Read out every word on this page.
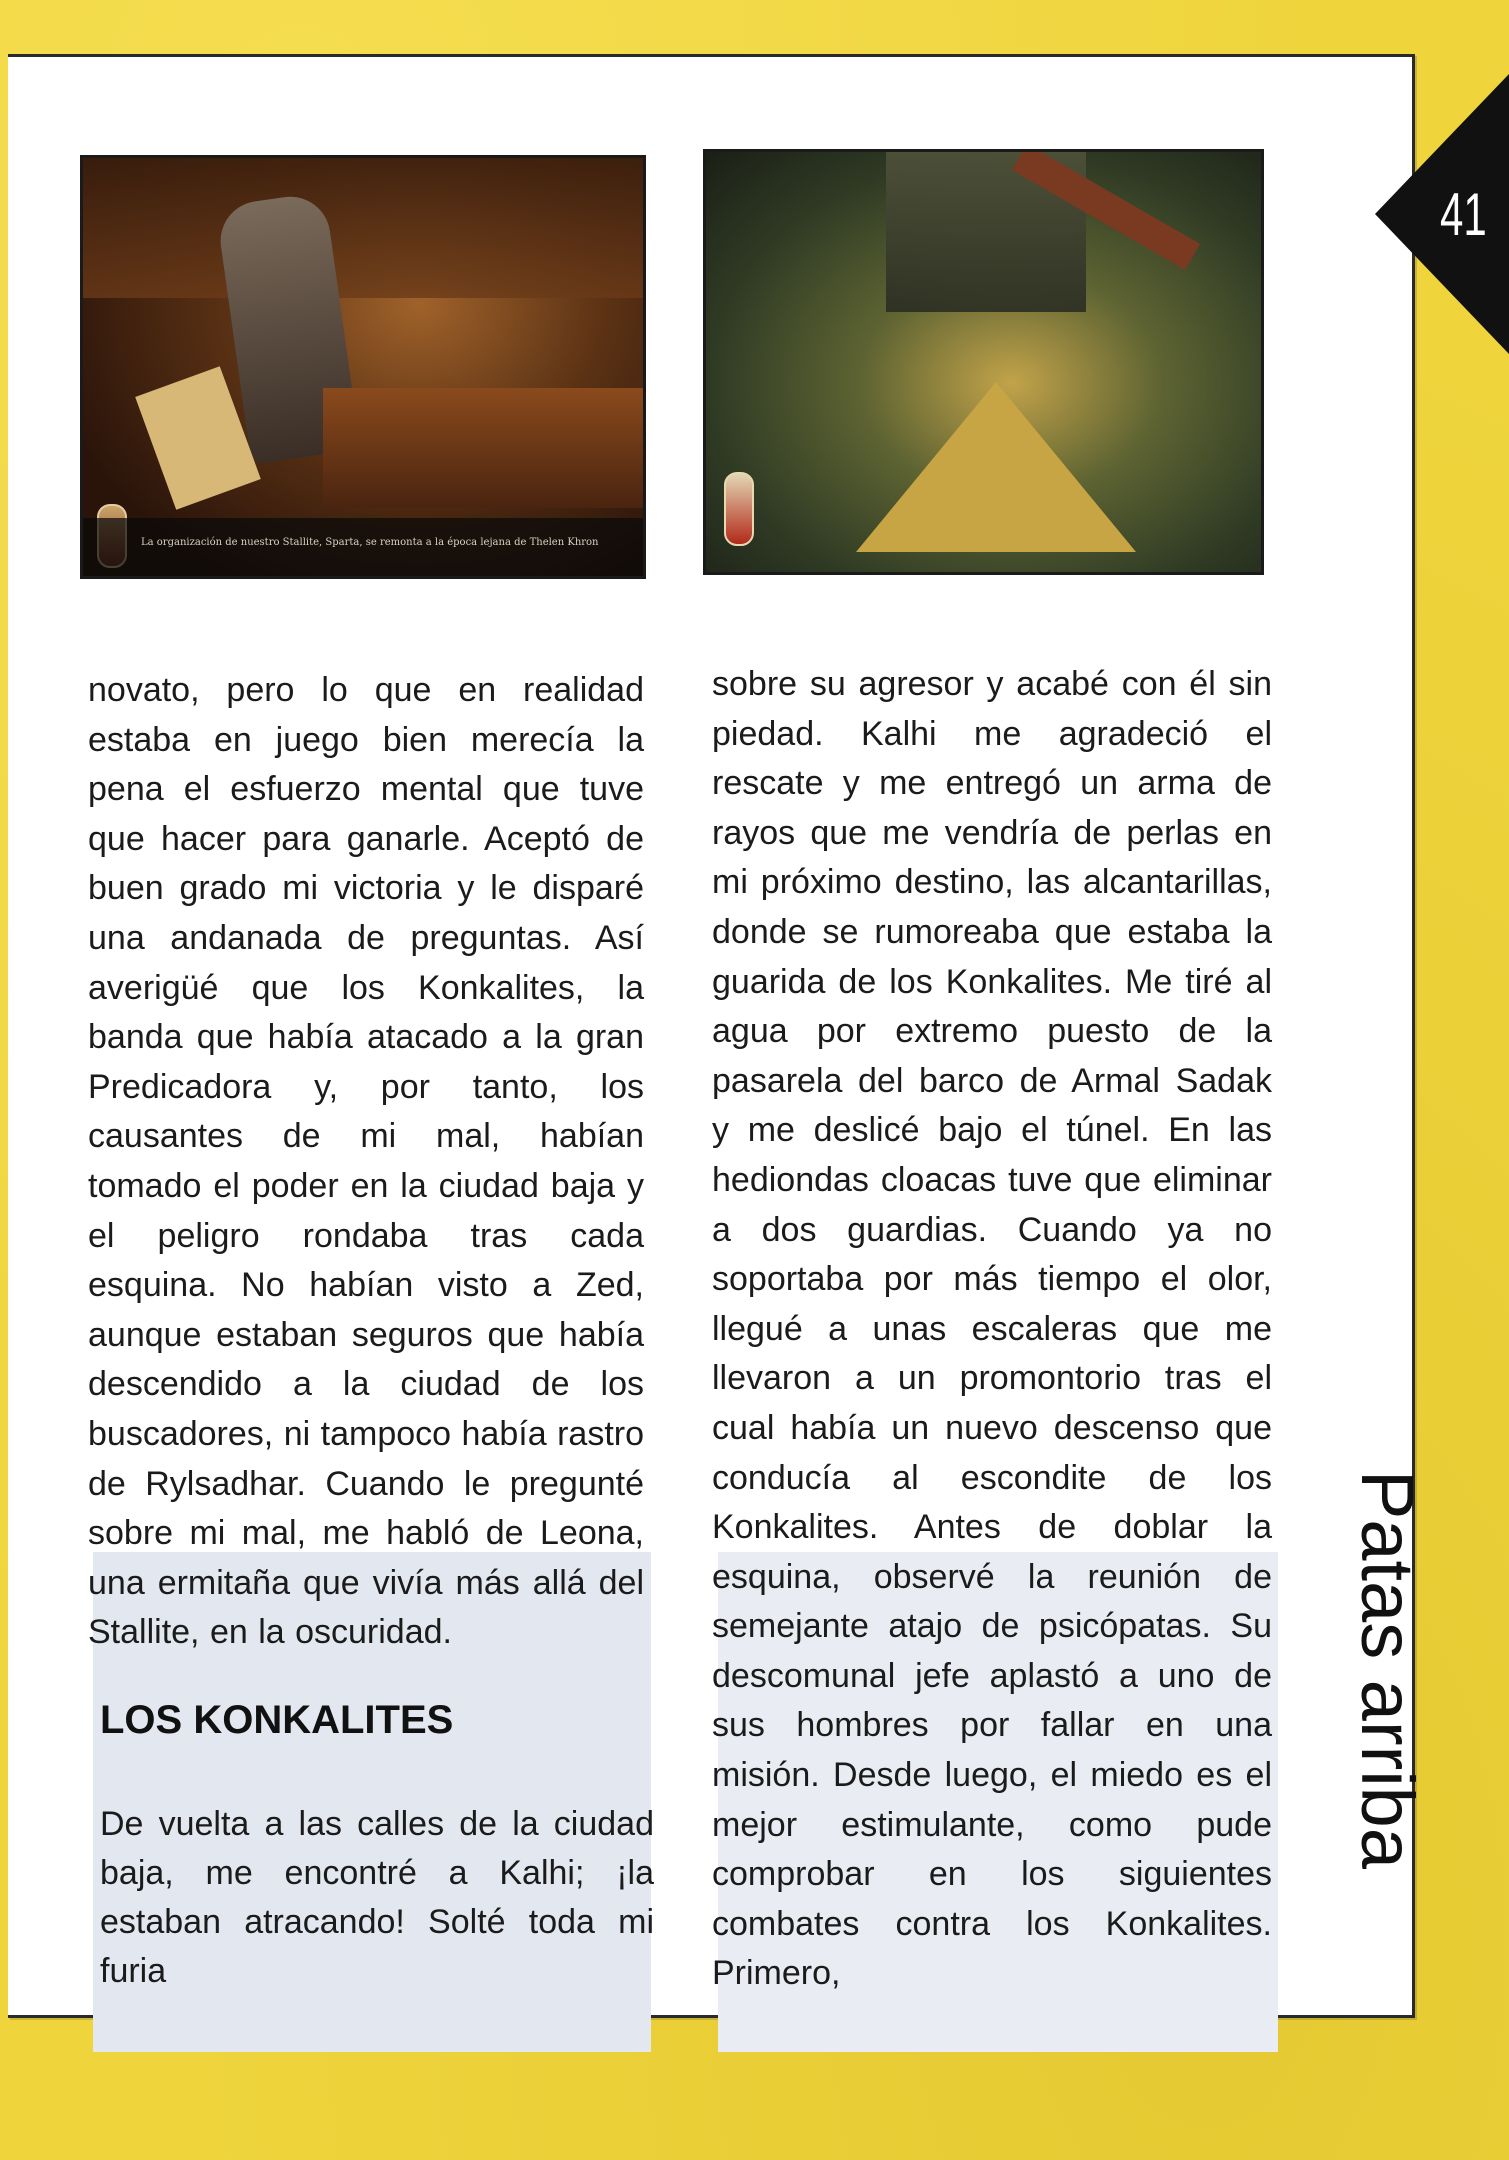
La organización de nuestro Stallite, Sparta, se remonta a la época lejana de Thelen Khron
novato, pero lo que en realidad estaba en juego bien merecía la pena el esfuerzo mental que tuve que hacer para ganarle. Aceptó de buen grado mi victoria y le disparé una andanada de preguntas. Así averigüé que los Konkalites, la banda que había atacado a la gran Predicadora y, por tanto, los causantes de mi mal, habían tomado el poder en la ciudad baja y el peligro rondaba tras cada esquina. No habían visto a Zed, aunque estaban seguros que había descendido a la ciudad de los buscadores, ni tampoco había rastro de Rylsadhar. Cuando le pregunté sobre mi mal, me habló de Leona, una ermitaña que vivía más allá del Stallite, en la oscuridad.
sobre su agresor y acabé con él sin piedad. Kalhi me agradeció el rescate y me entregó un arma de rayos que me vendría de perlas en mi próximo destino, las alcantarillas, donde se rumoreaba que estaba la guarida de los Konkalites. Me tiré al agua por extremo puesto de la pasarela del barco de Armal Sadak y me deslicé bajo el túnel. En las hediondas cloacas tuve que eliminar a dos guardias. Cuando ya no soportaba por más tiempo el olor, llegué a unas escaleras que me llevaron a un promontorio tras el cual había un nuevo descenso que conducía al escondite de los Konkalites. Antes de doblar la esquina, observé la reunión de semejante atajo de psicópatas. Su descomunal jefe aplastó a uno de sus hombres por fallar en una misión. Desde luego, el miedo es el mejor estimulante, como pude comprobar en los siguientes combates contra los Konkalites. Primero,
LOS KONKALITES
De vuelta a las calles de la ciudad baja, me encontré a Kalhi; ¡la estaban atracando! Solté toda mi furia
41
Patas arriba
